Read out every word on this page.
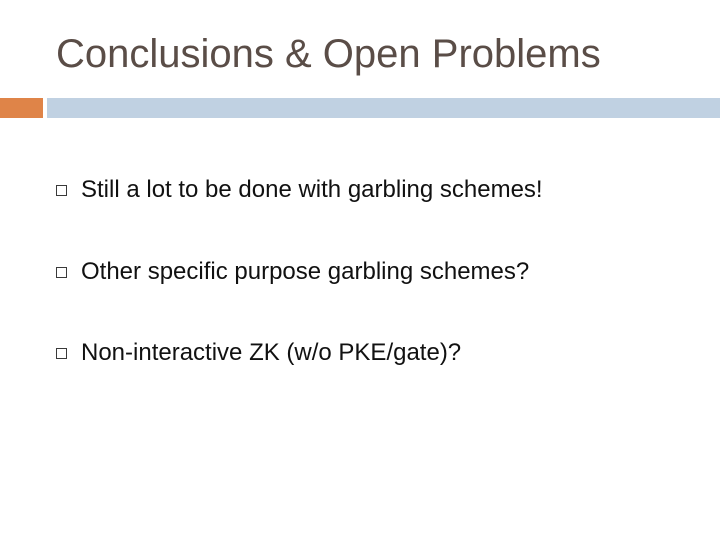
Conclusions & Open Problems
Still a lot to be done with garbling schemes!
Other specific purpose garbling schemes?
Non-interactive ZK (w/o PKE/gate)?
